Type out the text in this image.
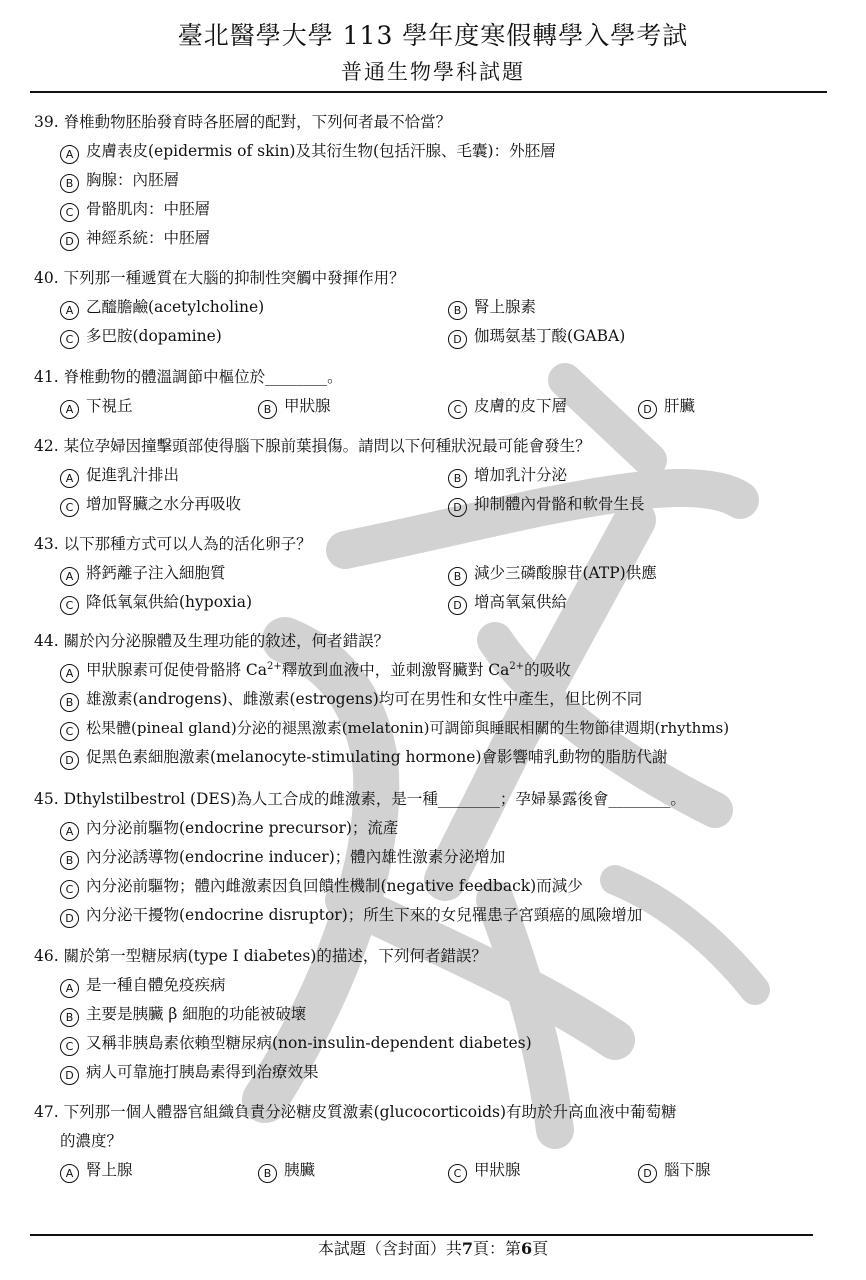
臺北醫學大學 113 學年度寒假轉學入學考試
普通生物學科試題
39. 脊椎動物胚胎發育時各胚層的配對，下列何者最不恰當？
A 皮膚表皮(epidermis of skin)及其衍生物(包括汗腺、毛囊)：外胚層
B 胸腺：內胚層
C 骨骼肌肉：中胚層
D 神經系統：中胚層
40. 下列那一種遞質在大腦的抑制性突觸中發揮作用？
A 乙醯膽鹼(acetylcholine)	B 腎上腺素
C 多巴胺(dopamine)	D 伽瑪氨基丁酸(GABA)
41. 脊椎動物的體溫調節中樞位於________。
A 下視丘	B 甲狀腺	C 皮膚的皮下層	D 肝臟
42. 某位孕婦因撞擊頭部使得腦下腺前葉損傷。請問以下何種狀況最可能會發生？
A 促進乳汁排出	B 增加乳汁分泌
C 增加腎臟之水分再吸收	D 抑制體內骨骼和軟骨生長
43. 以下那種方式可以人為的活化卵子？
A 將鈣離子注入細胞質	B 減少三磷酸腺苷(ATP)供應
C 降低氧氣供給(hypoxia)	D 增高氧氣供給
44. 關於內分泌腺體及生理功能的敘述，何者錯誤？
A 甲狀腺素可促使骨骼將 $Ca^{2+}$釋放到血液中，並刺激腎臟對 $Ca^{2+}$的吸收
B 雄激素(androgens)、雌激素(estrogens)均可在男性和女性中產生，但比例不同
C 松果體(pineal gland)分泌的褪黑激素(melatonin)可調節與睡眠相關的生物節律週期(rhythms)
D 促黑色素細胞激素(melanocyte-stimulating hormone)會影響哺乳動物的脂肪代謝
45. Dthylstilbestrol (DES)為人工合成的雌激素，是一種________；孕婦暴露後會________。
A 內分泌前驅物(endocrine precursor)；流產
B 內分泌誘導物(endocrine inducer)；體內雄性激素分泌增加
C 內分泌前驅物；體內雌激素因負回饋性機制(negative feedback)而減少
D 內分泌干擾物(endocrine disruptor)；所生下來的女兒罹患子宮頸癌的風險增加
46. 關於第一型糖尿病(type I diabetes)的描述，下列何者錯誤？
A 是一種自體免疫疾病
B 主要是胰臟 β 細胞的功能被破壞
C 又稱非胰島素依賴型糖尿病(non-insulin-dependent diabetes)
D 病人可靠施打胰島素得到治療效果
47. 下列那一個人體器官組織負責分泌糖皮質激素(glucocorticoids)有助於升高血液中葡萄糖
的濃度？
A 腎上腺	B 胰臟	C 甲狀腺	D 腦下腺
本試題（含封面）共7頁：第6頁
